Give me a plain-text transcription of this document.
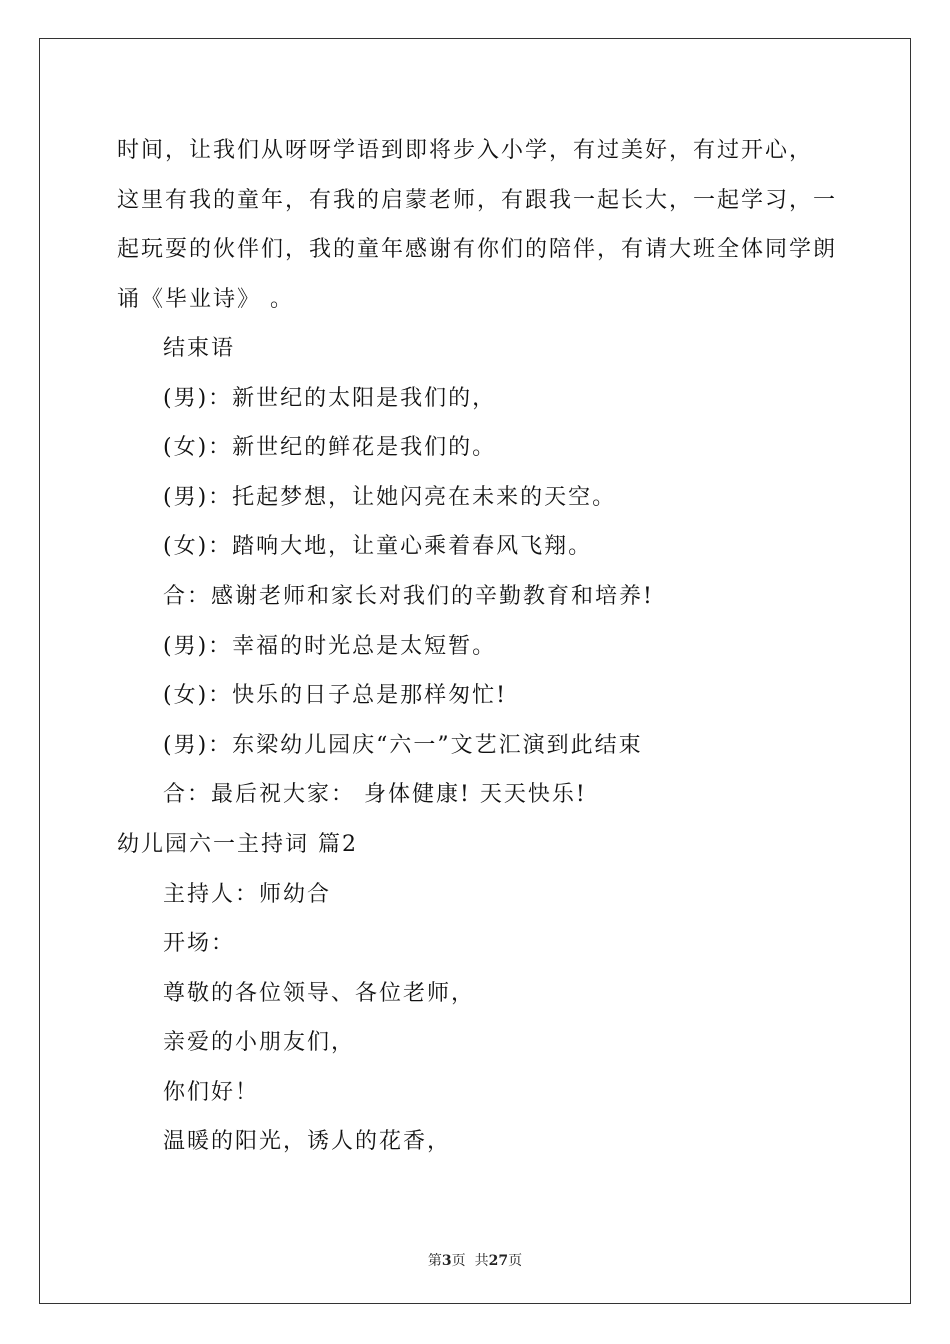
时间，让我们从呀呀学语到即将步入小学，有过美好，有过开心，
这里有我的童年，有我的启蒙老师，有跟我一起长大，一起学习，一
起玩耍的伙伴们，我的童年感谢有你们的陪伴，有请大班全体同学朗
诵《毕业诗》 。
结束语
(男)：新世纪的太阳是我们的，
(女)：新世纪的鲜花是我们的。
(男)：托起梦想，让她闪亮在未来的天空。
(女)：踏响大地，让童心乘着春风飞翔。
合：感谢老师和家长对我们的辛勤教育和培养!
(男)：幸福的时光总是太短暂。
(女)：快乐的日子总是那样匆忙!
(男)：东梁幼儿园庆“六一”文艺汇演到此结束
合：最后祝大家： 身体健康! 天天快乐!
幼儿园六一主持词 篇2
主持人：师幼合
开场：
尊敬的各位领导、各位老师，
亲爱的小朋友们，
你们好！
温暖的阳光，诱人的花香，
第3页  共27页
